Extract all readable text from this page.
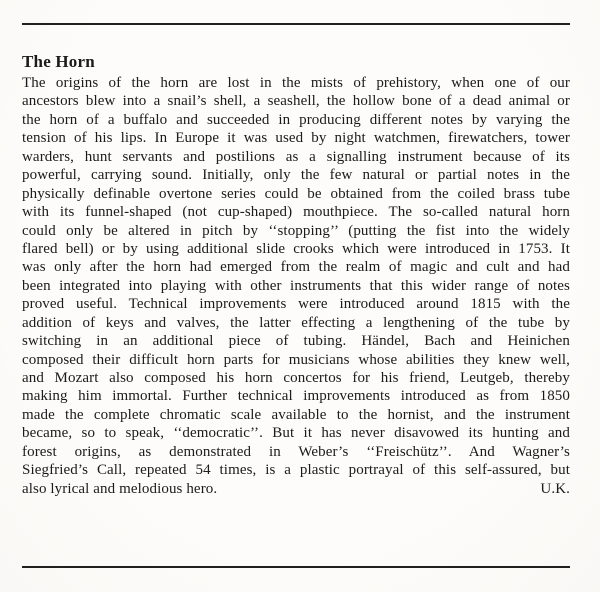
The Horn
The origins of the horn are lost in the mists of prehistory, when one of our
ancestors blew into a snail’s shell, a seashell, the hollow bone of a dead animal or
the horn of a buffalo and succeeded in producing different notes by varying the
tension of his lips. In Europe it was used by night watchmen, firewatchers, tower
warders, hunt servants and postilions as a signalling instrument because of its
powerful, carrying sound. Initially, only the few natural or partial notes in the
physically definable overtone series could be obtained from the coiled brass tube
with its funnel-shaped (not cup-shaped) mouthpiece. The so-called natural horn
could only be altered in pitch by ‘‘stopping’’ (putting the fist into the widely
flared bell) or by using additional slide crooks which were introduced in 1753. It
was only after the horn had emerged from the realm of magic and cult and had
been integrated into playing with other instruments that this wider range of notes
proved useful. Technical improvements were introduced around 1815 with the
addition of keys and valves, the latter effecting a lengthening of the tube by
switching in an additional piece of tubing. Händel, Bach and Heinichen
composed their difficult horn parts for musicians whose abilities they knew well,
and Mozart also composed his horn concertos for his friend, Leutgeb, thereby
making him immortal. Further technical improvements introduced as from 1850
made the complete chromatic scale available to the hornist, and the instrument
became, so to speak, ‘‘democratic’’. But it has never disavowed its hunting and
forest origins, as demonstrated in Weber’s ‘‘Freischütz’’. And Wagner’s
Siegfried’s Call, repeated 54 times, is a plastic portrayal of this self-assured, but
also lyrical and melodious hero.	U.K.
